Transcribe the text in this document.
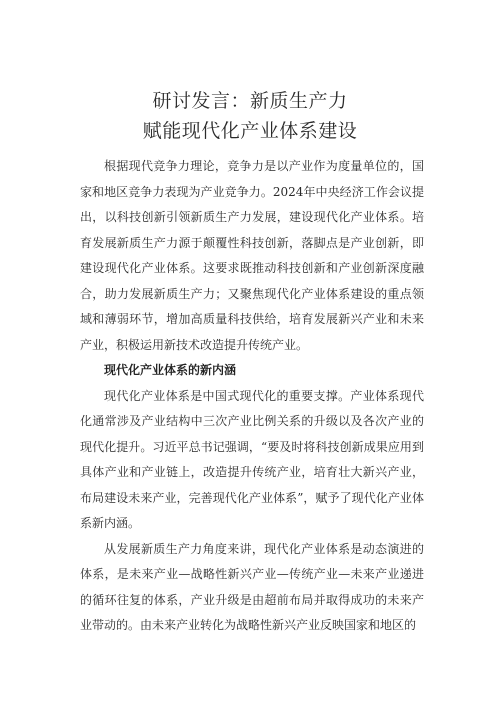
研讨发言：新质生产力
赋能现代化产业体系建设

根据现代竞争力理论，竞争力是以产业作为度量单位的，国家和地区竞争力表现为产业竞争力。2024年中央经济工作会议提出，以科技创新引领新质生产力发展，建设现代化产业体系。培育发展新质生产力源于颠覆性科技创新，落脚点是产业创新，即建设现代化产业体系。这要求既推动科技创新和产业创新深度融合，助力发展新质生产力；又聚焦现代化产业体系建设的重点领域和薄弱环节，增加高质量科技供给，培育发展新兴产业和未来产业，积极运用新技术改造提升传统产业。

现代化产业体系的新内涵

现代化产业体系是中国式现代化的重要支撑。产业体系现代化通常涉及产业结构中三次产业比例关系的升级以及各次产业的现代化提升。习近平总书记强调，“要及时将科技创新成果应用到具体产业和产业链上，改造提升传统产业，培育壮大新兴产业，布局建设未来产业，完善现代化产业体系”，赋予了现代化产业体系新内涵。

从发展新质生产力角度来讲，现代化产业体系是动态演进的体系，是未来产业—战略性新兴产业—传统产业—未来产业递进的循环往复的体系，产业升级是由超前布局并取得成功的未来产业带动的。由未来产业转化为战略性新兴产业反映国家和地区的
